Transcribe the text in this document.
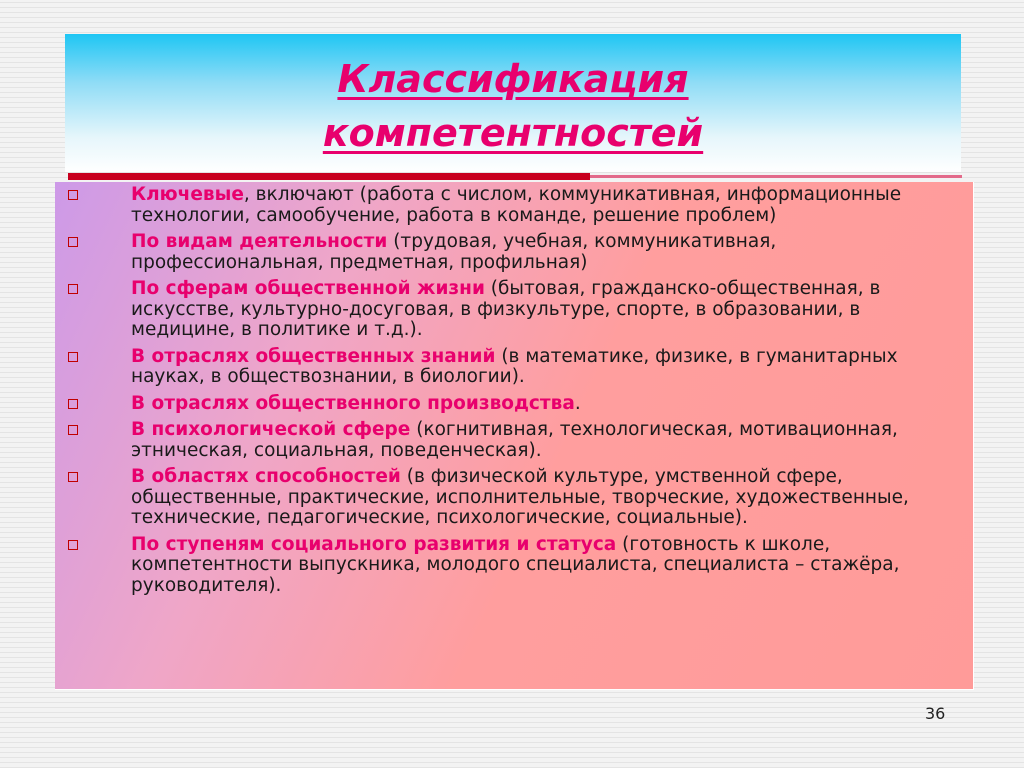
Классификация
компетентностей
Ключевые, включают (работа с числом, коммуникативная, информационные технологии, самообучение, работа в команде, решение проблем)
По видам деятельности (трудовая, учебная, коммуникативная, профессиональная, предметная, профильная)
По сферам общественной жизни (бытовая, гражданско-общественная, в искусстве, культурно-досуговая, в физкультуре, спорте, в образовании, в медицине, в политике и т.д.).
В отраслях общественных знаний (в математике, физике, в гуманитарных науках, в обществознании, в биологии).
В отраслях общественного производства.
В психологической сфере (когнитивная, технологическая, мотивационная, этническая, социальная, поведенческая).
В областях способностей (в физической культуре, умственной сфере, общественные, практические, исполнительные, творческие, художественные, технические, педагогические, психологические, социальные).
По ступеням социального развития и статуса (готовность к школе, компетентности выпускника, молодого специалиста, специалиста – стажёра, руководителя).
36
